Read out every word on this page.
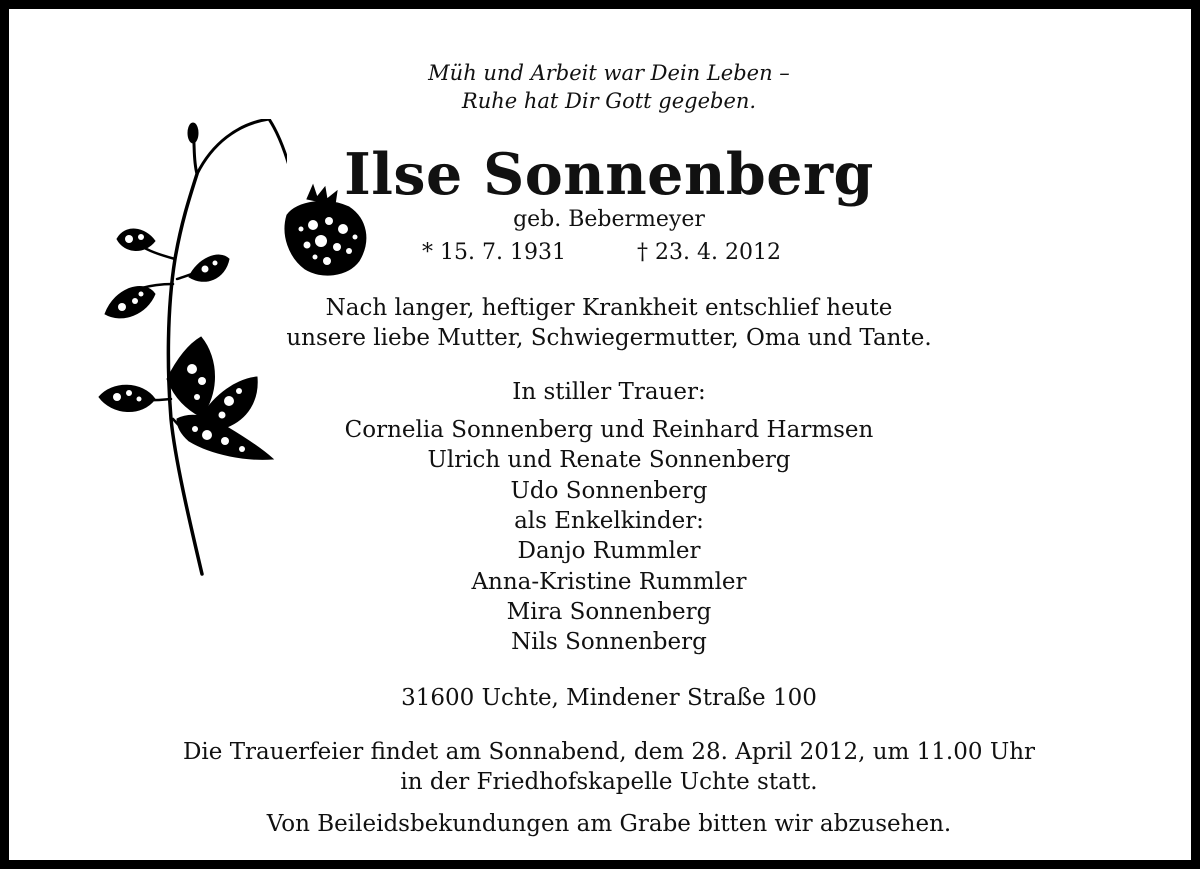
Müh und Arbeit war Dein Leben –
Ruhe hat Dir Gott gegeben.
Ilse Sonnenberg
geb. Bebermeyer
* 15. 7. 1931	† 23. 4. 2012
Nach langer, heftiger Krankheit entschlief heute
unsere liebe Mutter, Schwiegermutter, Oma und Tante.
In stiller Trauer:
Cornelia Sonnenberg und Reinhard Harmsen
Ulrich und Renate Sonnenberg
Udo Sonnenberg
als Enkelkinder:
Danjo Rummler
Anna-Kristine Rummler
Mira Sonnenberg
Nils Sonnenberg
31600 Uchte, Mindener Straße 100
Die Trauerfeier findet am Sonnabend, dem 28. April 2012, um 11.00 Uhr
in der Friedhofskapelle Uchte statt.
Von Beileidsbekundungen am Grabe bitten wir abzusehen.
